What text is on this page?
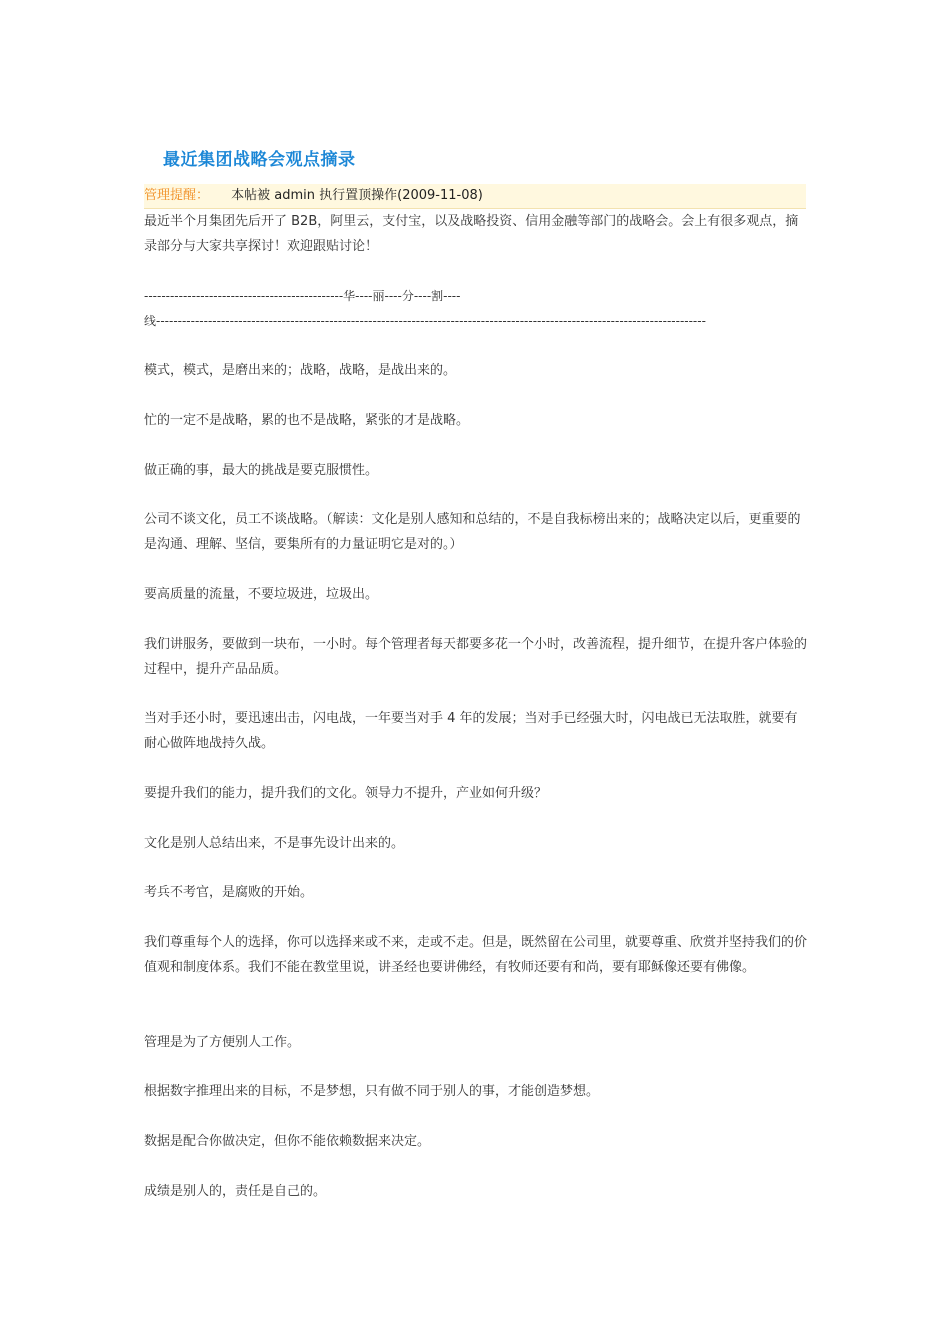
最近集团战略会观点摘录
管理提醒： 本帖被 admin 执行置顶操作(2009-11-08)
最近半个月集团先后开了 B2B，阿里云，支付宝，以及战略投资、信用金融等部门的战略会。会上有很多观点，摘录部分与大家共享探讨！欢迎跟贴讨论！
----------------------------------------------华----丽----分----割----
线-------------------------------------------------------------------------------------------------------------------------------
模式，模式，是磨出来的；战略，战略，是战出来的。
忙的一定不是战略，累的也不是战略，紧张的才是战略。
做正确的事，最大的挑战是要克服惯性。
公司不谈文化，员工不谈战略。（解读：文化是别人感知和总结的，不是自我标榜出来的；战略决定以后，更重要的是沟通、理解、坚信，要集所有的力量证明它是对的。）
要高质量的流量，不要垃圾进，垃圾出。
我们讲服务，要做到一块布，一小时。每个管理者每天都要多花一个小时，改善流程，提升细节，在提升客户体验的过程中，提升产品品质。
当对手还小时，要迅速出击，闪电战，一年要当对手 4 年的发展；当对手已经强大时，闪电战已无法取胜，就要有耐心做阵地战持久战。
要提升我们的能力，提升我们的文化。领导力不提升，产业如何升级？
文化是别人总结出来，不是事先设计出来的。
考兵不考官，是腐败的开始。
我们尊重每个人的选择，你可以选择来或不来，走或不走。但是，既然留在公司里，就要尊重、欣赏并坚持我们的价值观和制度体系。我们不能在教堂里说，讲圣经也要讲佛经，有牧师还要有和尚，要有耶稣像还要有佛像。
管理是为了方便别人工作。
根据数字推理出来的目标，不是梦想，只有做不同于别人的事，才能创造梦想。
数据是配合你做决定，但你不能依赖数据来决定。
成绩是别人的，责任是自己的。
